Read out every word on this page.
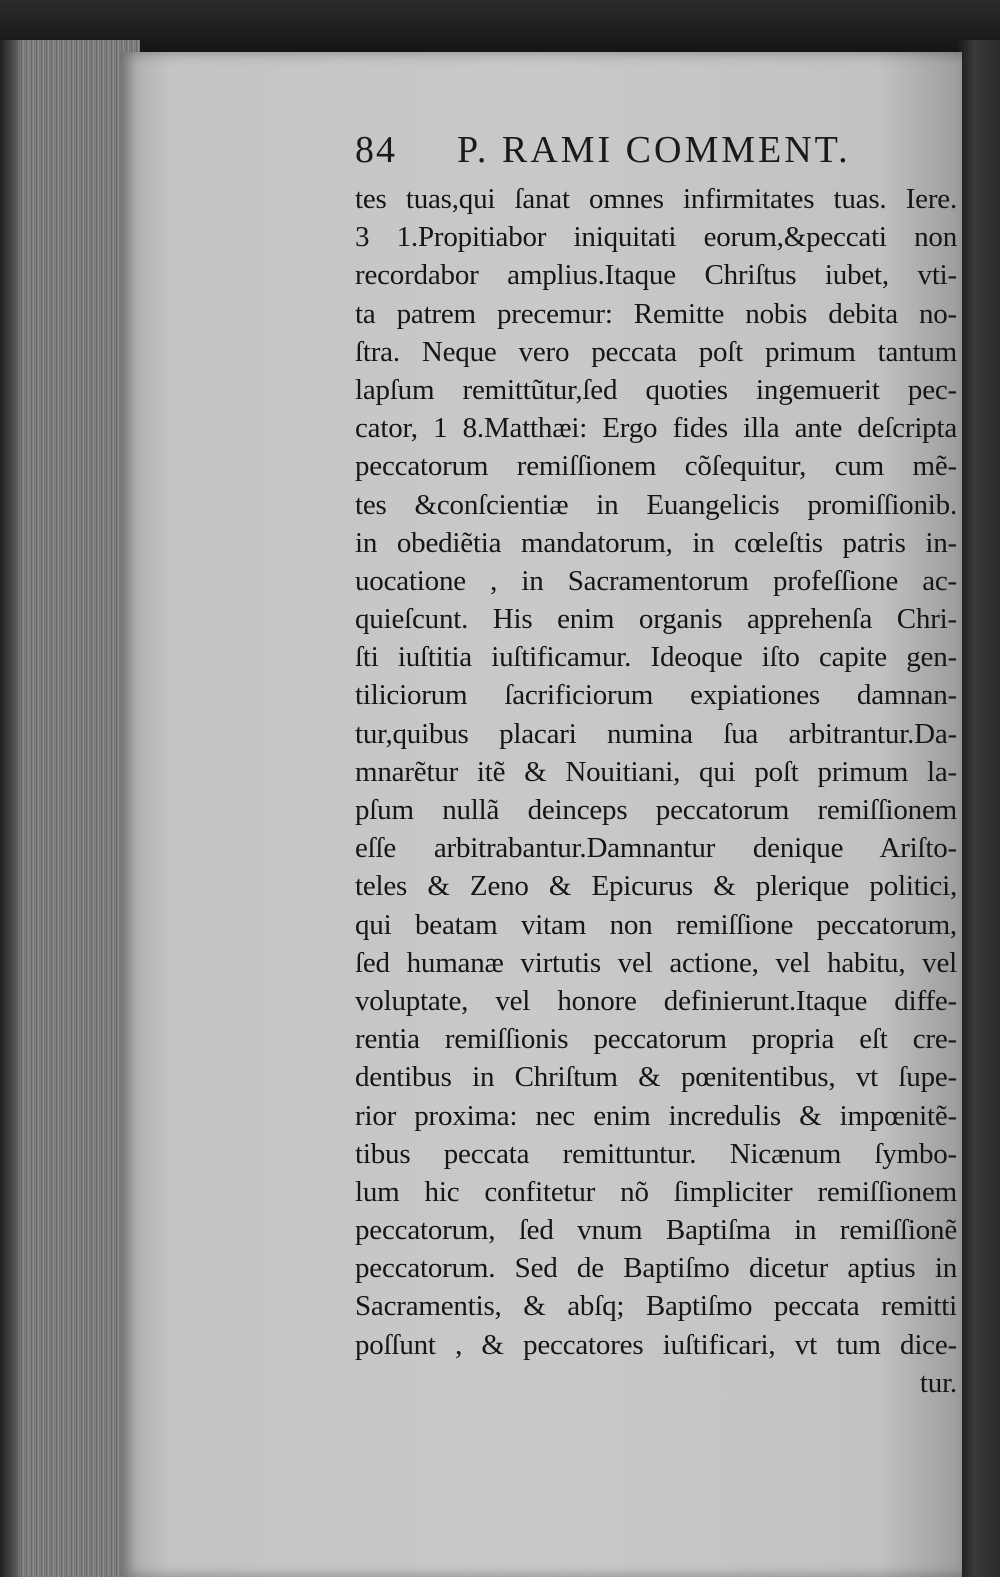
84 P. RAMI COMMENT.
tes tuas,qui ſanat omnes infirmitates tuas. Iere.
3 1.Propitiabor iniquitati eorum,&peccati non
recordabor amplius.Itaque Chriſtus iubet, vti-
ta patrem precemur: Remitte nobis debita no-
ſtra. Neque vero peccata poſt primum tantum
lapſum remittũtur,ſed quoties ingemuerit pec-
cator, 1 8.Matthæi: Ergo fides illa ante deſcripta
peccatorum remiſſionem cõſequitur, cum mẽ-
tes &conſcientiæ in Euangelicis promiſſionib.
in obediẽtia mandatorum, in cœleſtis patris in-
uocatione , in Sacramentorum profeſſione ac-
quieſcunt. His enim organis apprehenſa Chri-
ſti iuſtitia iuſtificamur. Ideoque iſto capite gen-
tiliciorum ſacrificiorum expiationes damnan-
tur,quibus placari numina ſua arbitrantur.Da-
mnarẽtur itẽ & Nouitiani, qui poſt primum la-
pſum nullã deinceps peccatorum remiſſionem
eſſe arbitrabantur.Damnantur denique Ariſto-
teles & Zeno & Epicurus & plerique politici,
qui beatam vitam non remiſſione peccatorum,
ſed humanæ virtutis vel actione, vel habitu, vel
voluptate, vel honore definierunt.Itaque diffe-
rentia remiſſionis peccatorum propria eſt cre-
dentibus in Chriſtum & pœnitentibus, vt ſupe-
rior proxima: nec enim incredulis & impœnitẽ-
tibus peccata remittuntur. Nicænum ſymbo-
lum hic confitetur nõ ſimpliciter remiſſionem
peccatorum, ſed vnum Baptiſma in remiſſionẽ
peccatorum. Sed de Baptiſmo dicetur aptius in
Sacramentis, & abſq; Baptiſmo peccata remitti
poſſunt , & peccatores iuſtificari, vt tum dice-
tur.
